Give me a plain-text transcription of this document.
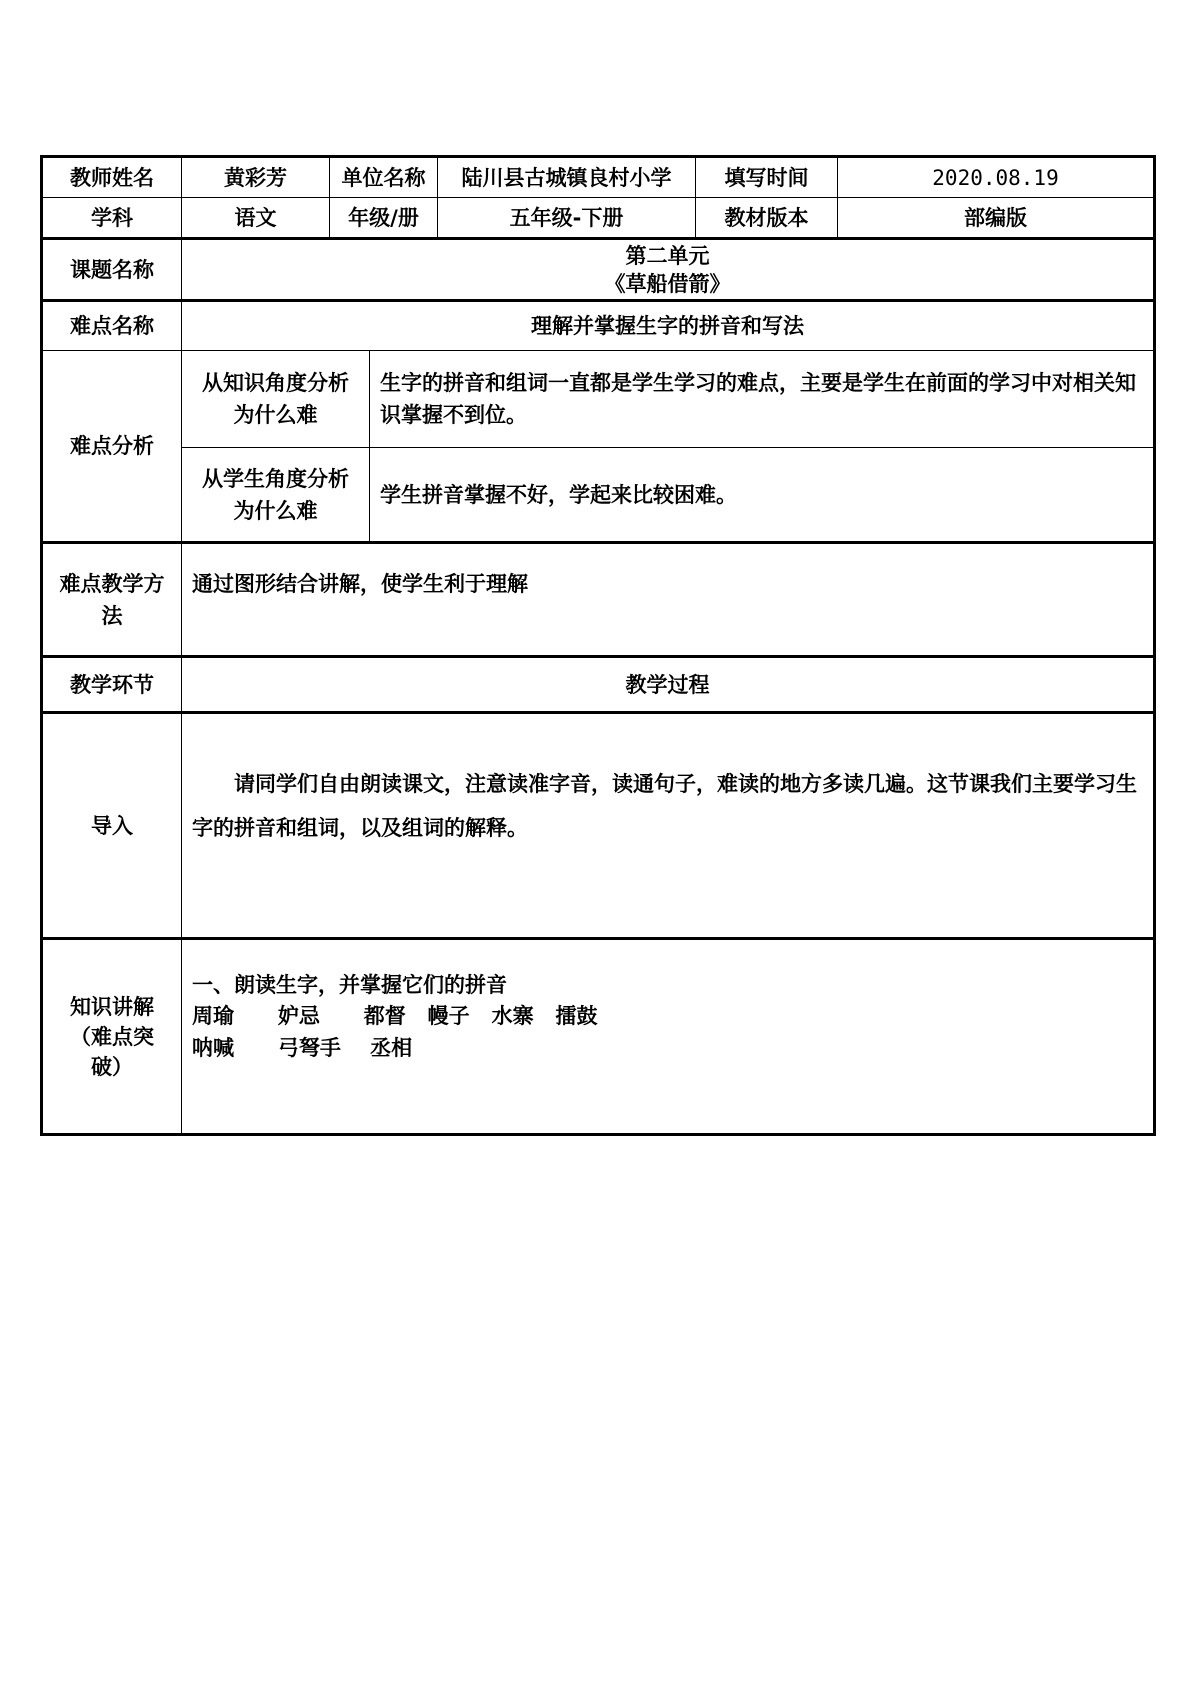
教师姓名	黄彩芳	单位名称		陆川县古城镇良村小学	填写时间	2020.08.19
学科	语文	年级/册		五年级-下册	教材版本	部编版
课题名称	第二单元
《草船借箭》					

难点名称	理解并掌握生字的拼音和写法					
难点分析	从知识角度分析为什么难		生字的拼音和组词一直都是学生学习的难点，主要是学生在前面的学习中对相关知识掌握不到位。			
	从学生角度分析为什么难		学生拼音掌握不好，学起来比较困难。			
难点教学方法	通过图形结合讲解，使学生利于理解					
教学环节	教学过程					
导入	请同学们自由朗读课文，注意读准字音，读通句子，难读的地方多读几遍。这节课我们主要学习生字的拼音和组词，以及组词的解释。					
知识讲解（难点突破）	一、朗读生字，并掌握它们的拼音
周瑜      妒忌      都督   幔子   水寨   擂鼓
呐喊      弓弩手    丞相					
